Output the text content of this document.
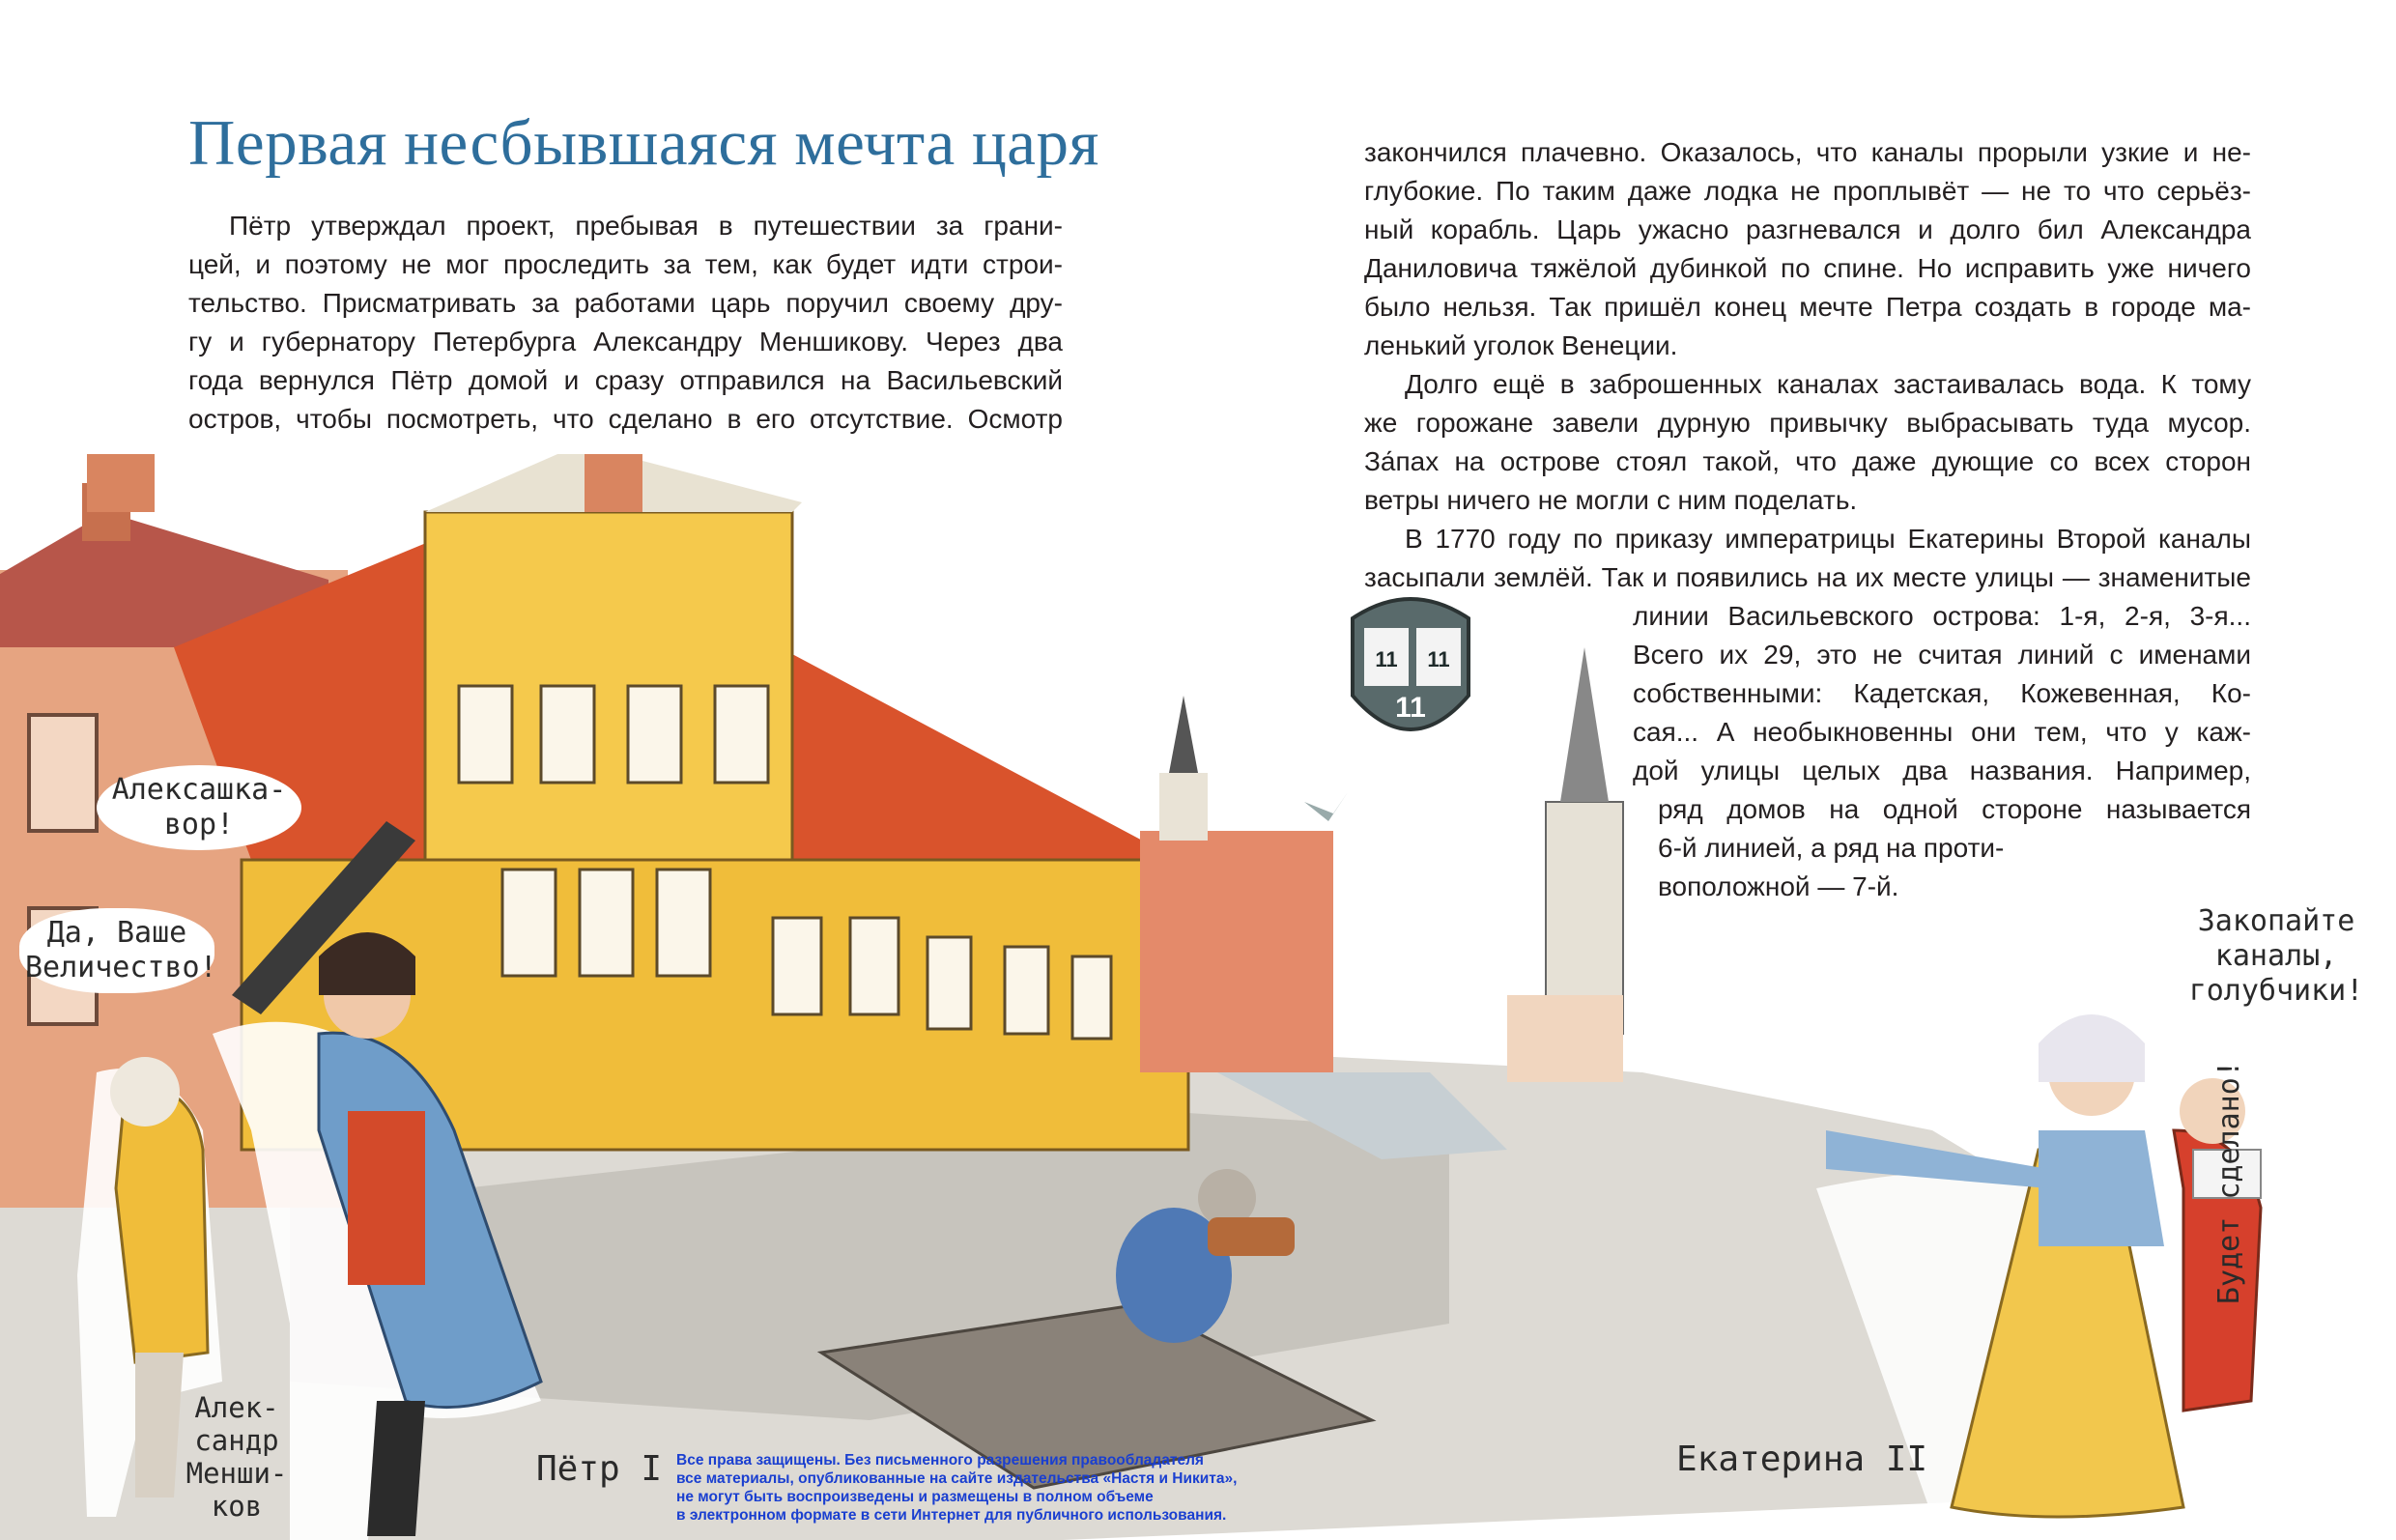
11 11
11
6-я линия В.О.
Первая несбывшаяся мечта царя
Пётр утверждал проект, пребывая в путешествии за грани-
цей, и поэтому не мог проследить за тем, как будет идти строи-
тельство. Присматривать за работами царь поручил своему дру-
гу и губернатору Петербурга Александру Меншикову. Через два
года вернулся Пётр домой и сразу отправился на Васильевский
остров, чтобы посмотреть, что сделано в его отсутствие. Осмотр
закончился плачевно. Оказалось, что каналы прорыли узкие и не-
глубокие. По таким даже лодка не проплывёт — не то что серьёз-
ный корабль. Царь ужасно разгневался и долго бил Александра
Даниловича тяжёлой дубинкой по спине. Но исправить уже ничего
было нельзя. Так пришёл конец мечте Петра создать в городе ма-
ленький уголок Венеции.
Долго ещё в заброшенных каналах застаивалась вода. К тому
же горожане завели дурную привычку выбрасывать туда мусор.
За́пах на острове стоял такой, что даже дующие со всех сторон
ветры ничего не могли с ним поделать.
В 1770 году по приказу императрицы Екатерины Второй каналы
засыпали землёй. Так и появились на их месте улицы — знаменитые
линии Васильевского острова: 1-я, 2-я, 3-я...
Всего их 29, это не считая линий с именами
собственными: Кадетская, Кожевенная, Ко-
сая... А необыкновенны они тем, что у каж-
дой улицы целых два названия. Например,
ряд домов на одной стороне называется
6-й линией, а ряд на проти-
воположной — 7-й.
Алексашка-
вор!
Да, Ваше
Величество!
Закопайте
каналы,
голубчики!
Будет сделано!
Алек-
сандр
Менши-
ков
Пётр I	Екатерина II
Все права защищены. Без письменного разрешения правообладателя
все материалы, опубликованные на сайте издательства «Настя и Никита»,
не могут быть воспроизведены и размещены в полном объеме
в электронном формате в сети Интернет для публичного использования.
